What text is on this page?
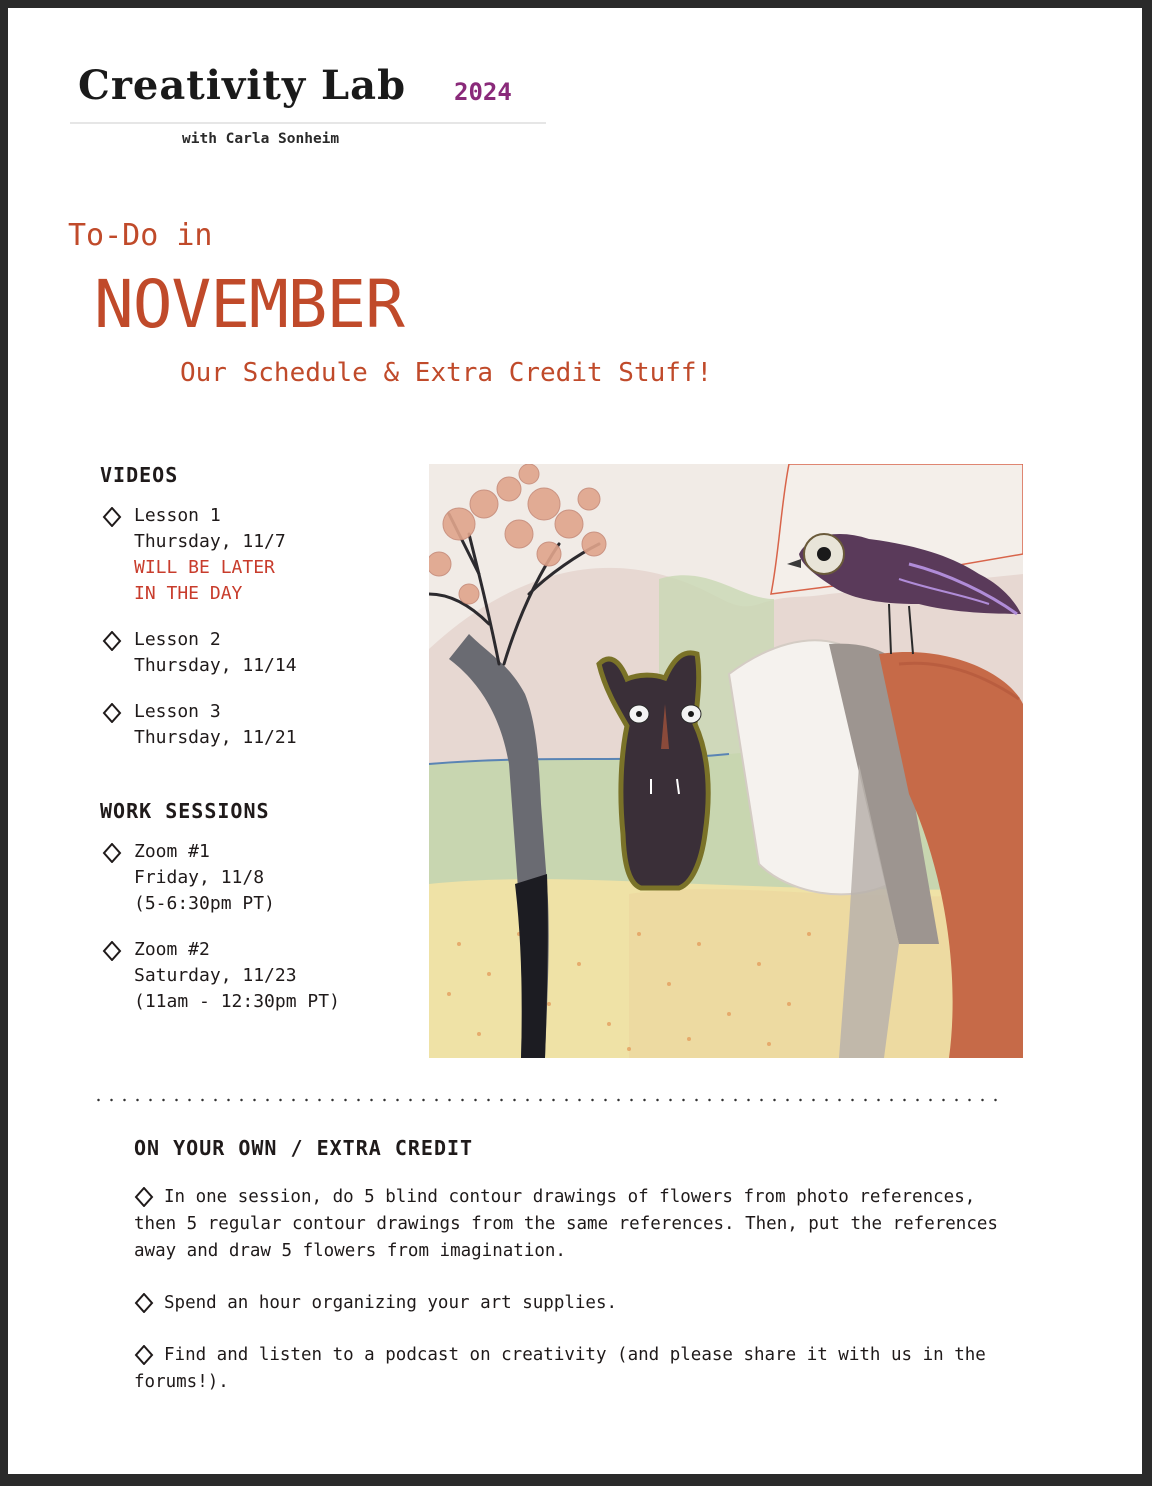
Creativity Lab 2024
with Carla Sonheim
To-Do in
NOVEMBER
Our Schedule & Extra Credit Stuff!
VIDEOS
Lesson 1
Thursday, 11/7
WILL BE LATER
IN THE DAY
Lesson 2
Thursday, 11/14
Lesson 3
Thursday, 11/21
WORK SESSIONS
Zoom #1
Friday, 11/8
(5-6:30pm PT)
Zoom #2
Saturday, 11/23
(11am - 12:30pm PT)
ON YOUR OWN / EXTRA CREDIT
In one session, do 5 blind contour drawings of flowers from photo references, then 5 regular contour drawings from the same references. Then, put the references away and draw 5 flowers from imagination.
Spend an hour organizing your art supplies.
Find and listen to a podcast on creativity (and please share it with us in the forums!).
